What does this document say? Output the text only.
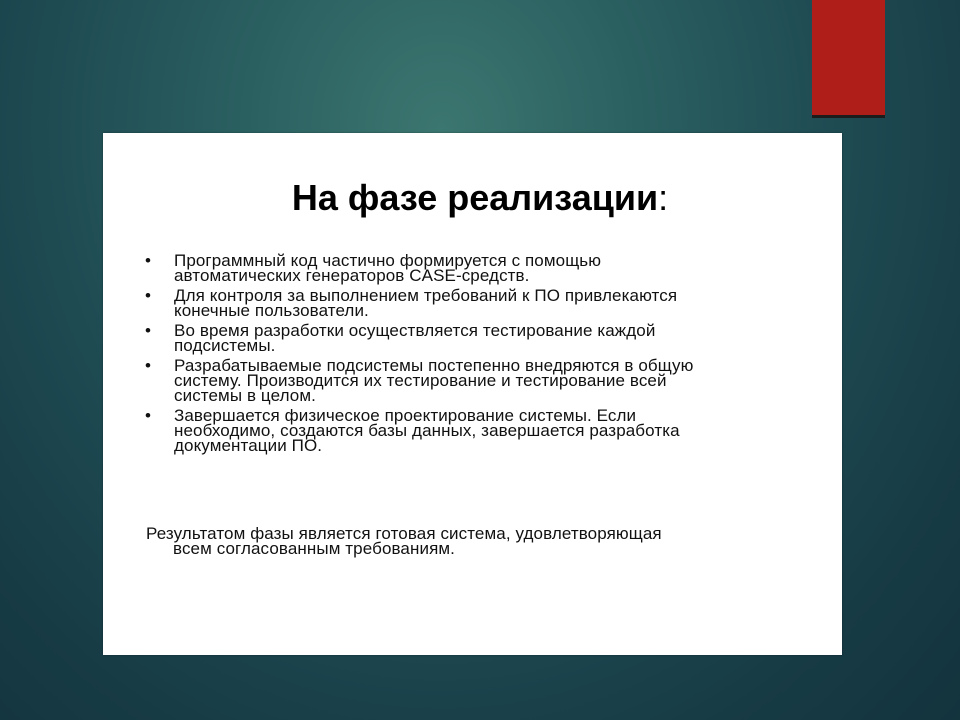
На фазе реализации:
• Программный код частично формируется с помощью
автоматических генераторов CASE-средств.
• Для контроля за выполнением требований к ПО привлекаются
конечные пользователи.
• Во время разработки осуществляется тестирование каждой
подсистемы.
• Разрабатываемые подсистемы постепенно внедряются в общую
систему. Производится их тестирование и тестирование всей
системы в целом.
• Завершается физическое проектирование системы. Если
необходимо, создаются базы данных, завершается разработка
документации ПО.

Результатом фазы является готовая система, удовлетворяющая
всем согласованным требованиям.
